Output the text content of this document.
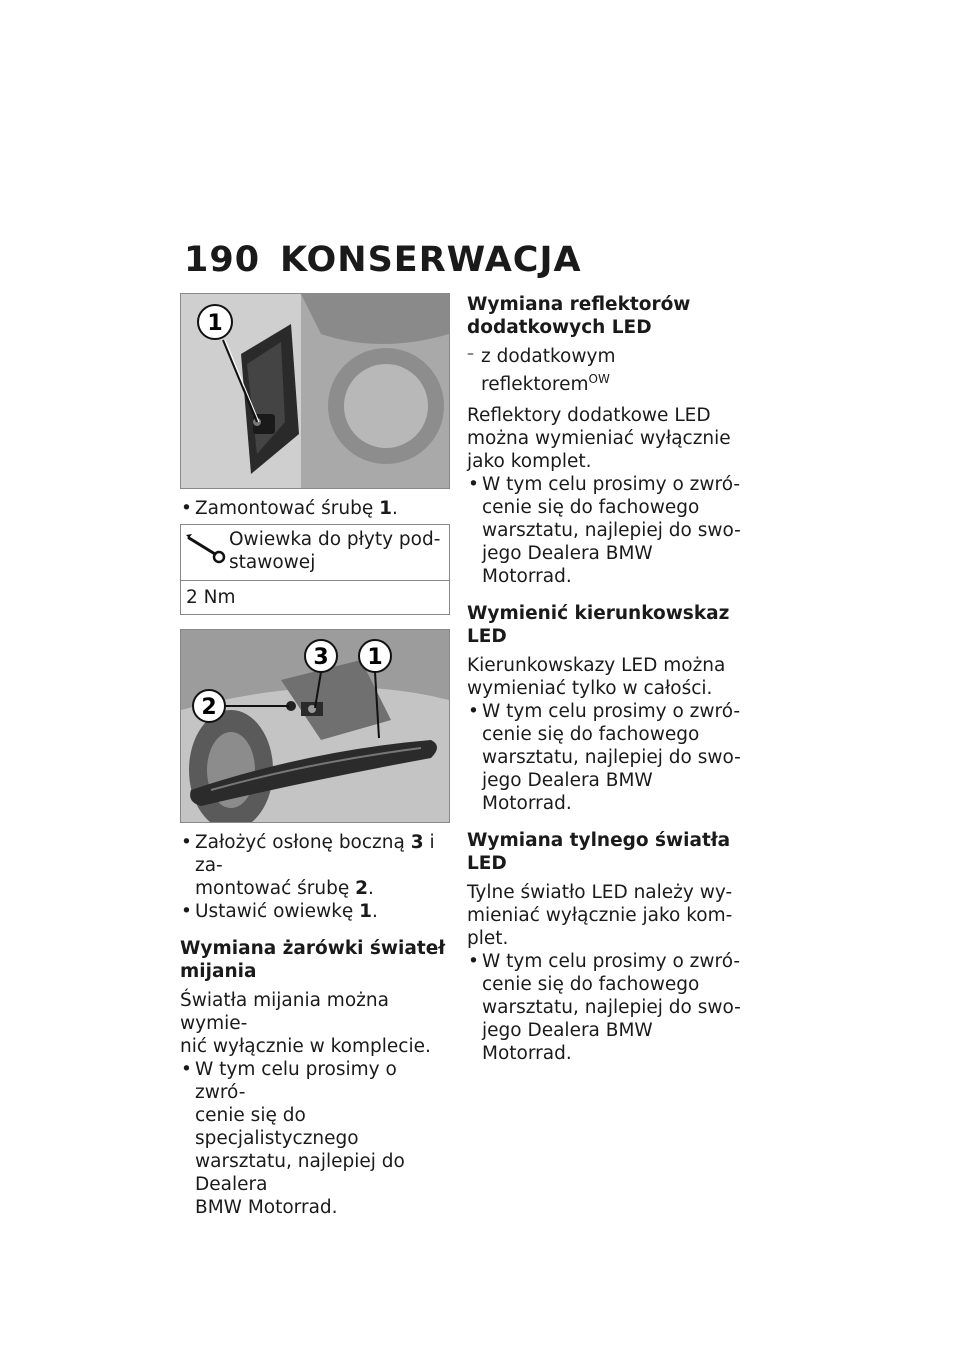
190 KONSERWACJA
1

• Zamontować śrubę 1.

Owiewka do płyty pod-
stawowej
2 Nm
3 1
2

• Założyć osłonę boczną 3 i za-
montować śrubę 2.

• Ustawić owiewkę 1.

Wymiana żarówki świateł
mijania

Światła mijania można wymie-
nić wyłącznie w komplecie.

• W tym celu prosimy o zwró-
cenie się do specjalistycznego
warsztatu, najlepiej do Dealera
BMW Motorrad.

Wymiana reflektorów
dodatkowych LED

– z dodatkowym reflektorem$^{OW}$

Reflektory dodatkowe LED
można wymieniać wyłącznie
jako komplet.

• W tym celu prosimy o zwró-
cenie się do fachowego
warsztatu, najlepiej do swo-
jego Dealera BMW Motorrad.

Wymienić kierunkowskaz LED

Kierunkowskazy LED można
wymieniać tylko w całości.

• W tym celu prosimy o zwró-
cenie się do fachowego
warsztatu, najlepiej do swo-
jego Dealera BMW Motorrad.

Wymiana tylnego światła LED

Tylne światło LED należy wy-
mieniać wyłącznie jako kom-
plet.

• W tym celu prosimy o zwró-
cenie się do fachowego
warsztatu, najlepiej do swo-
jego Dealera BMW Motorrad.
